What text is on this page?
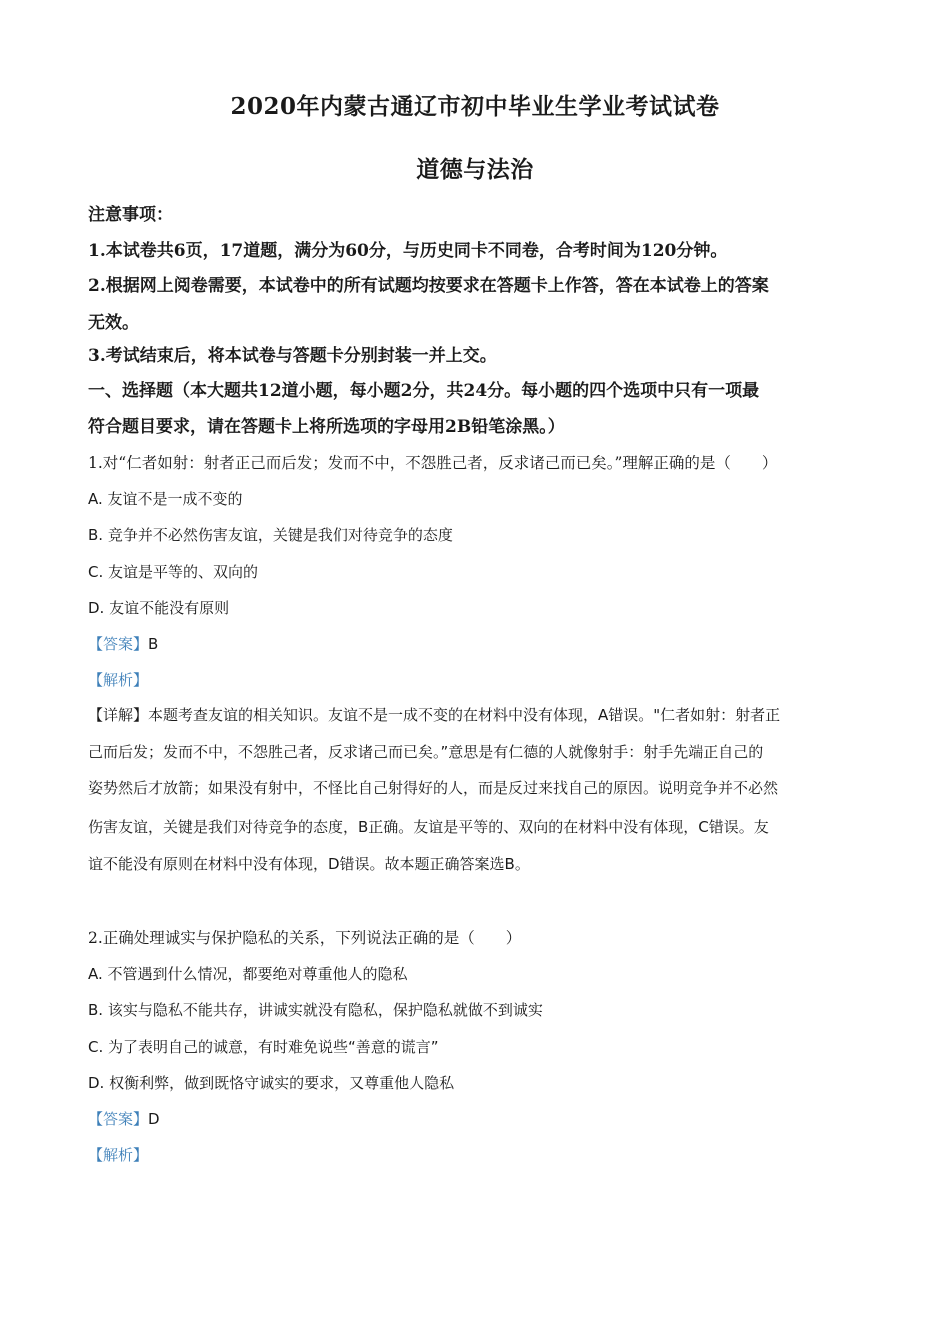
2020年内蒙古通辽市初中毕业生学业考试试卷
道德与法治
注意事项：
1.本试卷共6页，17道题，满分为60分，与历史同卡不同卷，合考时间为120分钟。
2.根据网上阅卷需要，本试卷中的所有试题均按要求在答题卡上作答，答在本试卷上的答案
无效。
3.考试结束后，将本试卷与答题卡分别封装一并上交。
一、选择题（本大题共12道小题，每小题2分，共24分。每小题的四个选项中只有一项最
符合题目要求，请在答题卡上将所选项的字母用2B铅笔涂黑。）
1.对“仁者如射：射者正己而后发；发而不中，不怨胜己者，反求诸己而已矣。”理解正确的是（　　）
A. 友谊不是一成不变的
B. 竞争并不必然伤害友谊，关键是我们对待竞争的态度
C. 友谊是平等的、双向的
D. 友谊不能没有原则
【答案】B
【解析】
【详解】本题考查友谊的相关知识。友谊不是一成不变的在材料中没有体现，A错误。"仁者如射：射者正
己而后发；发而不中，不怨胜己者，反求诸己而已矣。”意思是有仁德的人就像射手：射手先端正自己的
姿势然后才放箭；如果没有射中，不怪比自己射得好的人，而是反过来找自己的原因。说明竞争并不必然
伤害友谊，关键是我们对待竞争的态度，B正确。友谊是平等的、双向的在材料中没有体现，C错误。友
谊不能没有原则在材料中没有体现，D错误。故本题正确答案选B。
2.正确处理诚实与保护隐私的关系，下列说法正确的是（　　）
A. 不管遇到什么情况，都要绝对尊重他人的隐私
B. 该实与隐私不能共存，讲诚实就没有隐私，保护隐私就做不到诚实
C. 为了表明自己的诚意，有时难免说些“善意的谎言”
D. 权衡利弊，做到既恪守诚实的要求，又尊重他人隐私
【答案】D
【解析】
